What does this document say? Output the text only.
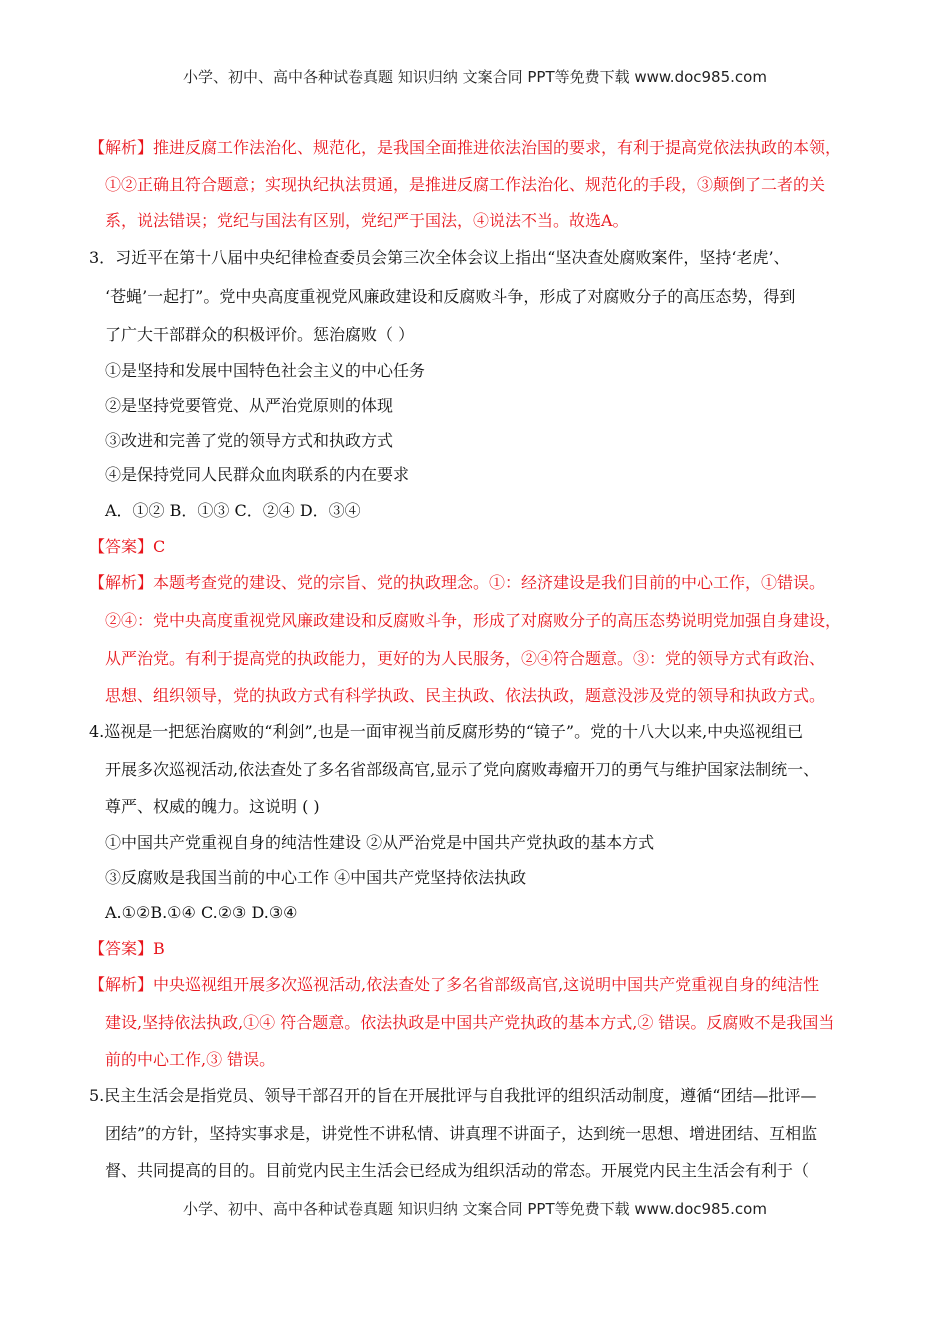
小学、初中、高中各种试卷真题 知识归纳 文案合同 PPT等免费下载 www.doc985.com
【解析】推进反腐工作法治化、规范化，是我国全面推进依法治国的要求，有利于提高党依法执政的本领，
①②正确且符合题意；实现执纪执法贯通，是推进反腐工作法治化、规范化的手段，③颠倒了二者的关
系，说法错误；党纪与国法有区别，党纪严于国法，④说法不当。故选A。
3．习近平在第十八届中央纪律检查委员会第三次全体会议上指出“坚决查处腐败案件，坚持‘老虎’、
‘苍蝇’一起打”。党中央高度重视党风廉政建设和反腐败斗争，形成了对腐败分子的高压态势，得到
了广大干部群众的积极评价。惩治腐败（ ）
①是坚持和发展中国特色社会主义的中心任务
②是坚持党要管党、从严治党原则的体现
③改进和完善了党的领导方式和执政方式
④是保持党同人民群众血肉联系的内在要求
A．①② B．①③ C．②④ D．③④
【答案】C
【解析】本题考查党的建设、党的宗旨、党的执政理念。①：经济建设是我们目前的中心工作，①错误。
②④：党中央高度重视党风廉政建设和反腐败斗争，形成了对腐败分子的高压态势说明党加强自身建设，
从严治党。有利于提高党的执政能力，更好的为人民服务，②④符合题意。③：党的领导方式有政治、
思想、组织领导，党的执政方式有科学执政、民主执政、依法执政，题意没涉及党的领导和执政方式。
4.巡视是一把惩治腐败的“利剑”,也是一面审视当前反腐形势的“镜子”。党的十八大以来,中央巡视组已
开展多次巡视活动,依法查处了多名省部级高官,显示了党向腐败毒瘤开刀的勇气与维护国家法制统一、
尊严、权威的魄力。这说明 ( )
①中国共产党重视自身的纯洁性建设 ②从严治党是中国共产党执政的基本方式
③反腐败是我国当前的中心工作 ④中国共产党坚持依法执政
A.①②B.①④ C.②③ D.③④
【答案】B
【解析】中央巡视组开展多次巡视活动,依法查处了多名省部级高官,这说明中国共产党重视自身的纯洁性
建设,坚持依法执政,①④ 符合题意。依法执政是中国共产党执政的基本方式,② 错误。反腐败不是我国当
前的中心工作,③ 错误。
5.民主生活会是指党员、领导干部召开的旨在开展批评与自我批评的组织活动制度，遵循“团结—批评—
团结”的方针，坚持实事求是，讲党性不讲私情、讲真理不讲面子，达到统一思想、增进团结、互相监
督、共同提高的目的。目前党内民主生活会已经成为组织活动的常态。开展党内民主生活会有利于（
小学、初中、高中各种试卷真题 知识归纳 文案合同 PPT等免费下载 www.doc985.com
